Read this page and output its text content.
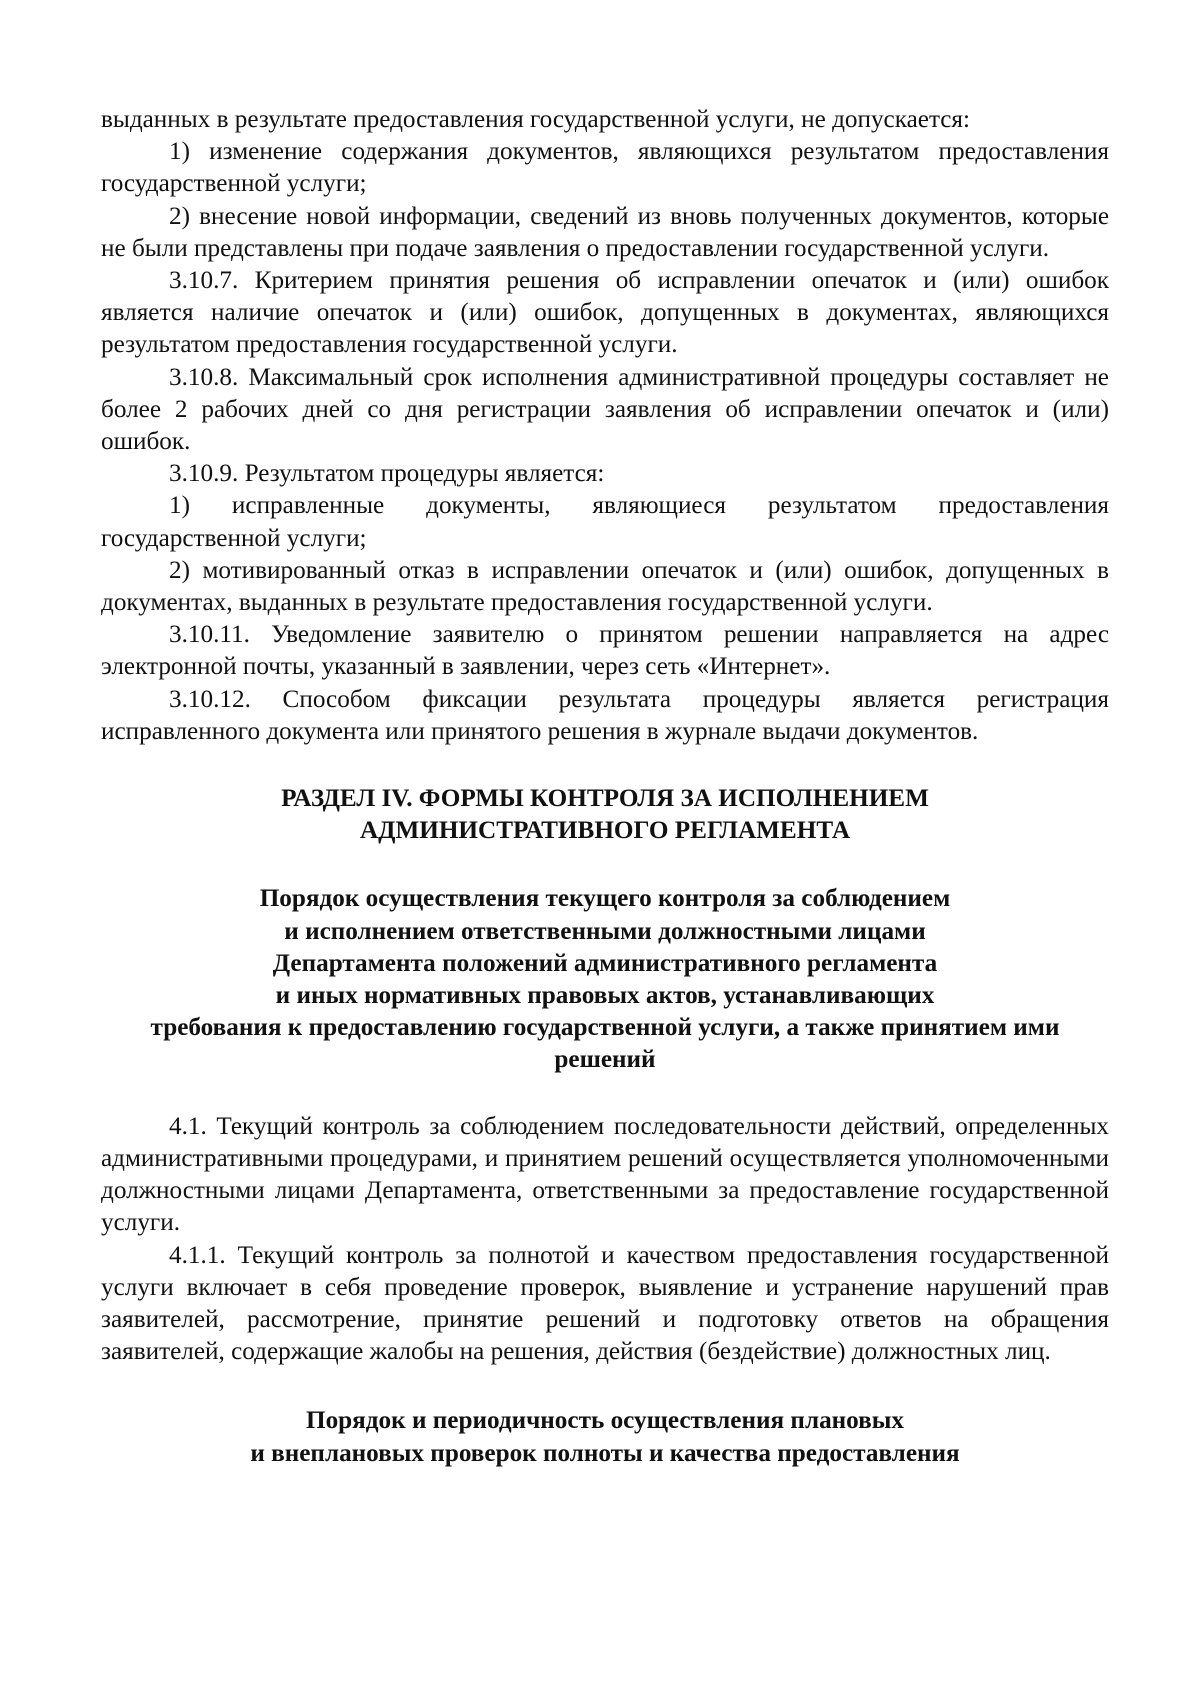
выданных в результате предоставления государственной услуги, не допускается:

1) изменение содержания документов, являющихся результатом предоставления государственной услуги;

2) внесение новой информации, сведений из вновь полученных документов, которые не были представлены при подаче заявления о предоставлении государственной услуги.

3.10.7. Критерием принятия решения об исправлении опечаток и (или) ошибок является наличие опечаток и (или) ошибок, допущенных в документах, являющихся результатом предоставления государственной услуги.

3.10.8. Максимальный срок исполнения административной процедуры составляет не более 2 рабочих дней со дня регистрации заявления об исправлении опечаток и (или) ошибок.

3.10.9. Результатом процедуры является:

1) исправленные документы, являющиеся результатом предоставления государственной услуги;

2) мотивированный отказ в исправлении опечаток и (или) ошибок, допущенных в документах, выданных в результате предоставления государственной услуги.

3.10.11. Уведомление заявителю о принятом решении направляется на адрес электронной почты, указанный в заявлении, через сеть «Интернет».

3.10.12. Способом фиксации результата процедуры является регистрация исправленного документа или принятого решения в журнале выдачи документов.

РАЗДЕЛ IV. ФОРМЫ КОНТРОЛЯ ЗА ИСПОЛНЕНИЕМ
АДМИНИСТРАТИВНОГО РЕГЛАМЕНТА
Порядок осуществления текущего контроля за соблюдением
и исполнением ответственными должностными лицами
Департамента положений административного регламента
и иных нормативных правовых актов, устанавливающих
требования к предоставлению государственной услуги, а также принятием ими
решений

4.1. Текущий контроль за соблюдением последовательности действий, определенных административными процедурами, и принятием решений осуществляется уполномоченными должностными лицами Департамента, ответственными за предоставление государственной услуги.

4.1.1. Текущий контроль за полнотой и качеством предоставления государственной услуги включает в себя проведение проверок, выявление и устранение нарушений прав заявителей, рассмотрение, принятие решений и подготовку ответов на обращения заявителей, содержащие жалобы на решения, действия (бездействие) должностных лиц.

Порядок и периодичность осуществления плановых
и внеплановых проверок полноты и качества предоставления
